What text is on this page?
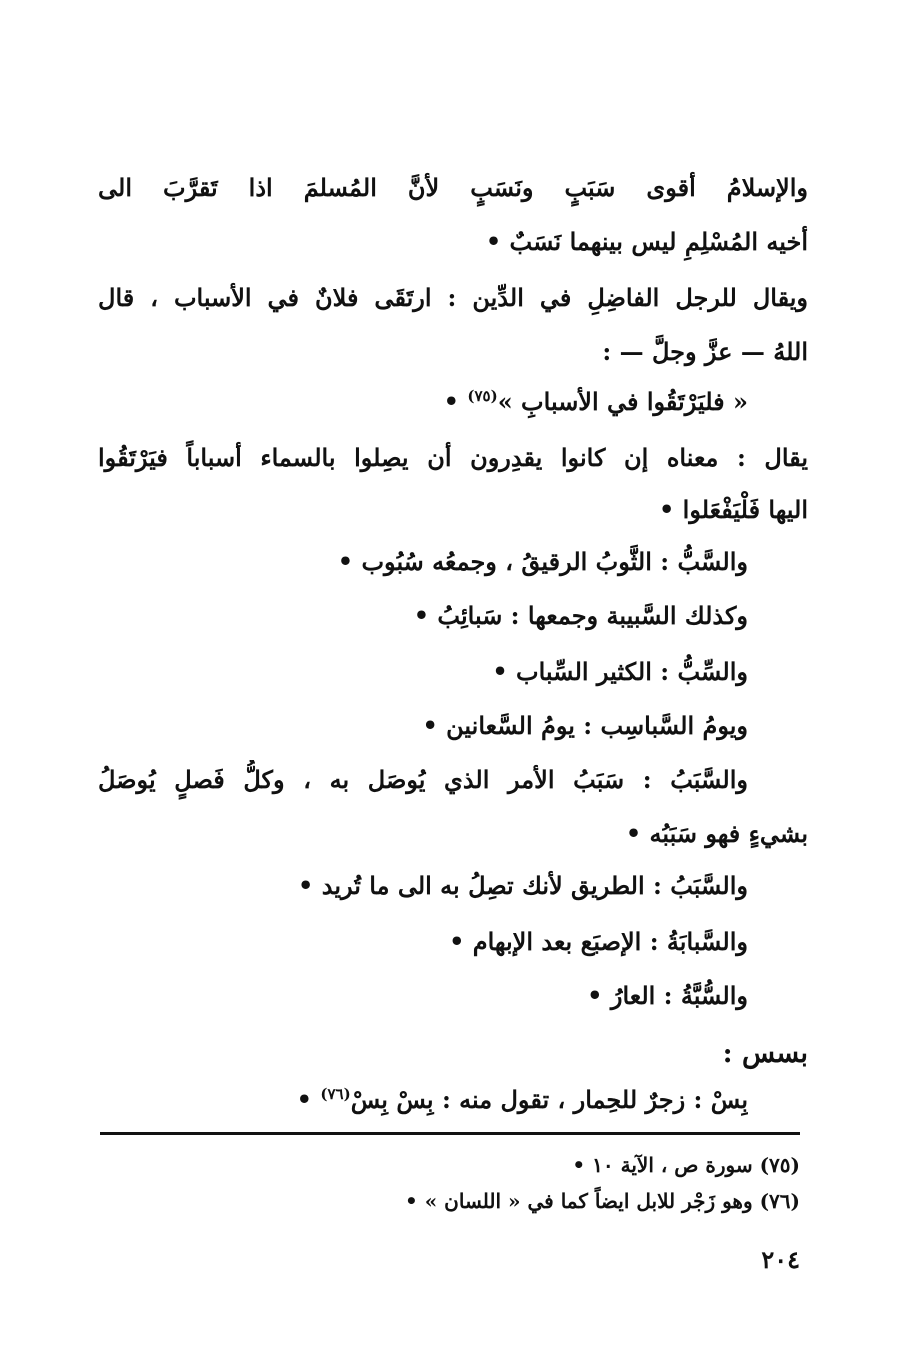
والإسلامُ أقوى سَبَبٍ ونَسَبٍ لأنَّ المُسلمَ اذا تَقرَّبَ الى
أخيه المُسْلِمِ ليس بينهما نَسَبٌ •
ويقال للرجل الفاضِلِ في الدِّين : ارتَقَى فلانٌ في الأسباب ، قال
اللهُ — عزَّ وجلَّ — :
« فليَرْتَقُوا في الأسبابِ »$^{(٧٥)}$ •
يقال : معناه إن كانوا يقدِرون أن يصِلوا بالسماء أسباباً فيَرْتَقُوا
اليها فَلْيَفْعَلوا •
والسَّبُّ : الثَّوبُ الرقيقُ ، وجمعُه سُبُوب •
وكذلك السَّبيبة وجمعها : سَبائِبُ •
والسِّبُّ : الكثير السِّباب •
ويومُ السَّباسِب : يومُ السَّعانين •
والسَّبَبُ : سَبَبُ الأمر الذي يُوصَل به ، وكلُّ فَصلٍ يُوصَلُ
بشيءٍ فهو سَبَبُه •
والسَّبَبُ : الطريق لأنك تصِلُ به الى ما تُريد •
والسَّبابَةُ : الإصبَع بعد الإبهام •
والسُّبَّةُ : العارُ •
بسس :
بِسْ : زجرٌ للحِمار ، تقول منه : بِسْ بِسْ$^{(٧٦)}$ •
(٧٥) سورة ص ، الآية ١٠ •
(٧٦) وهو زَجْر للابل ايضاً كما في « اللسان » •
٢٠٤
